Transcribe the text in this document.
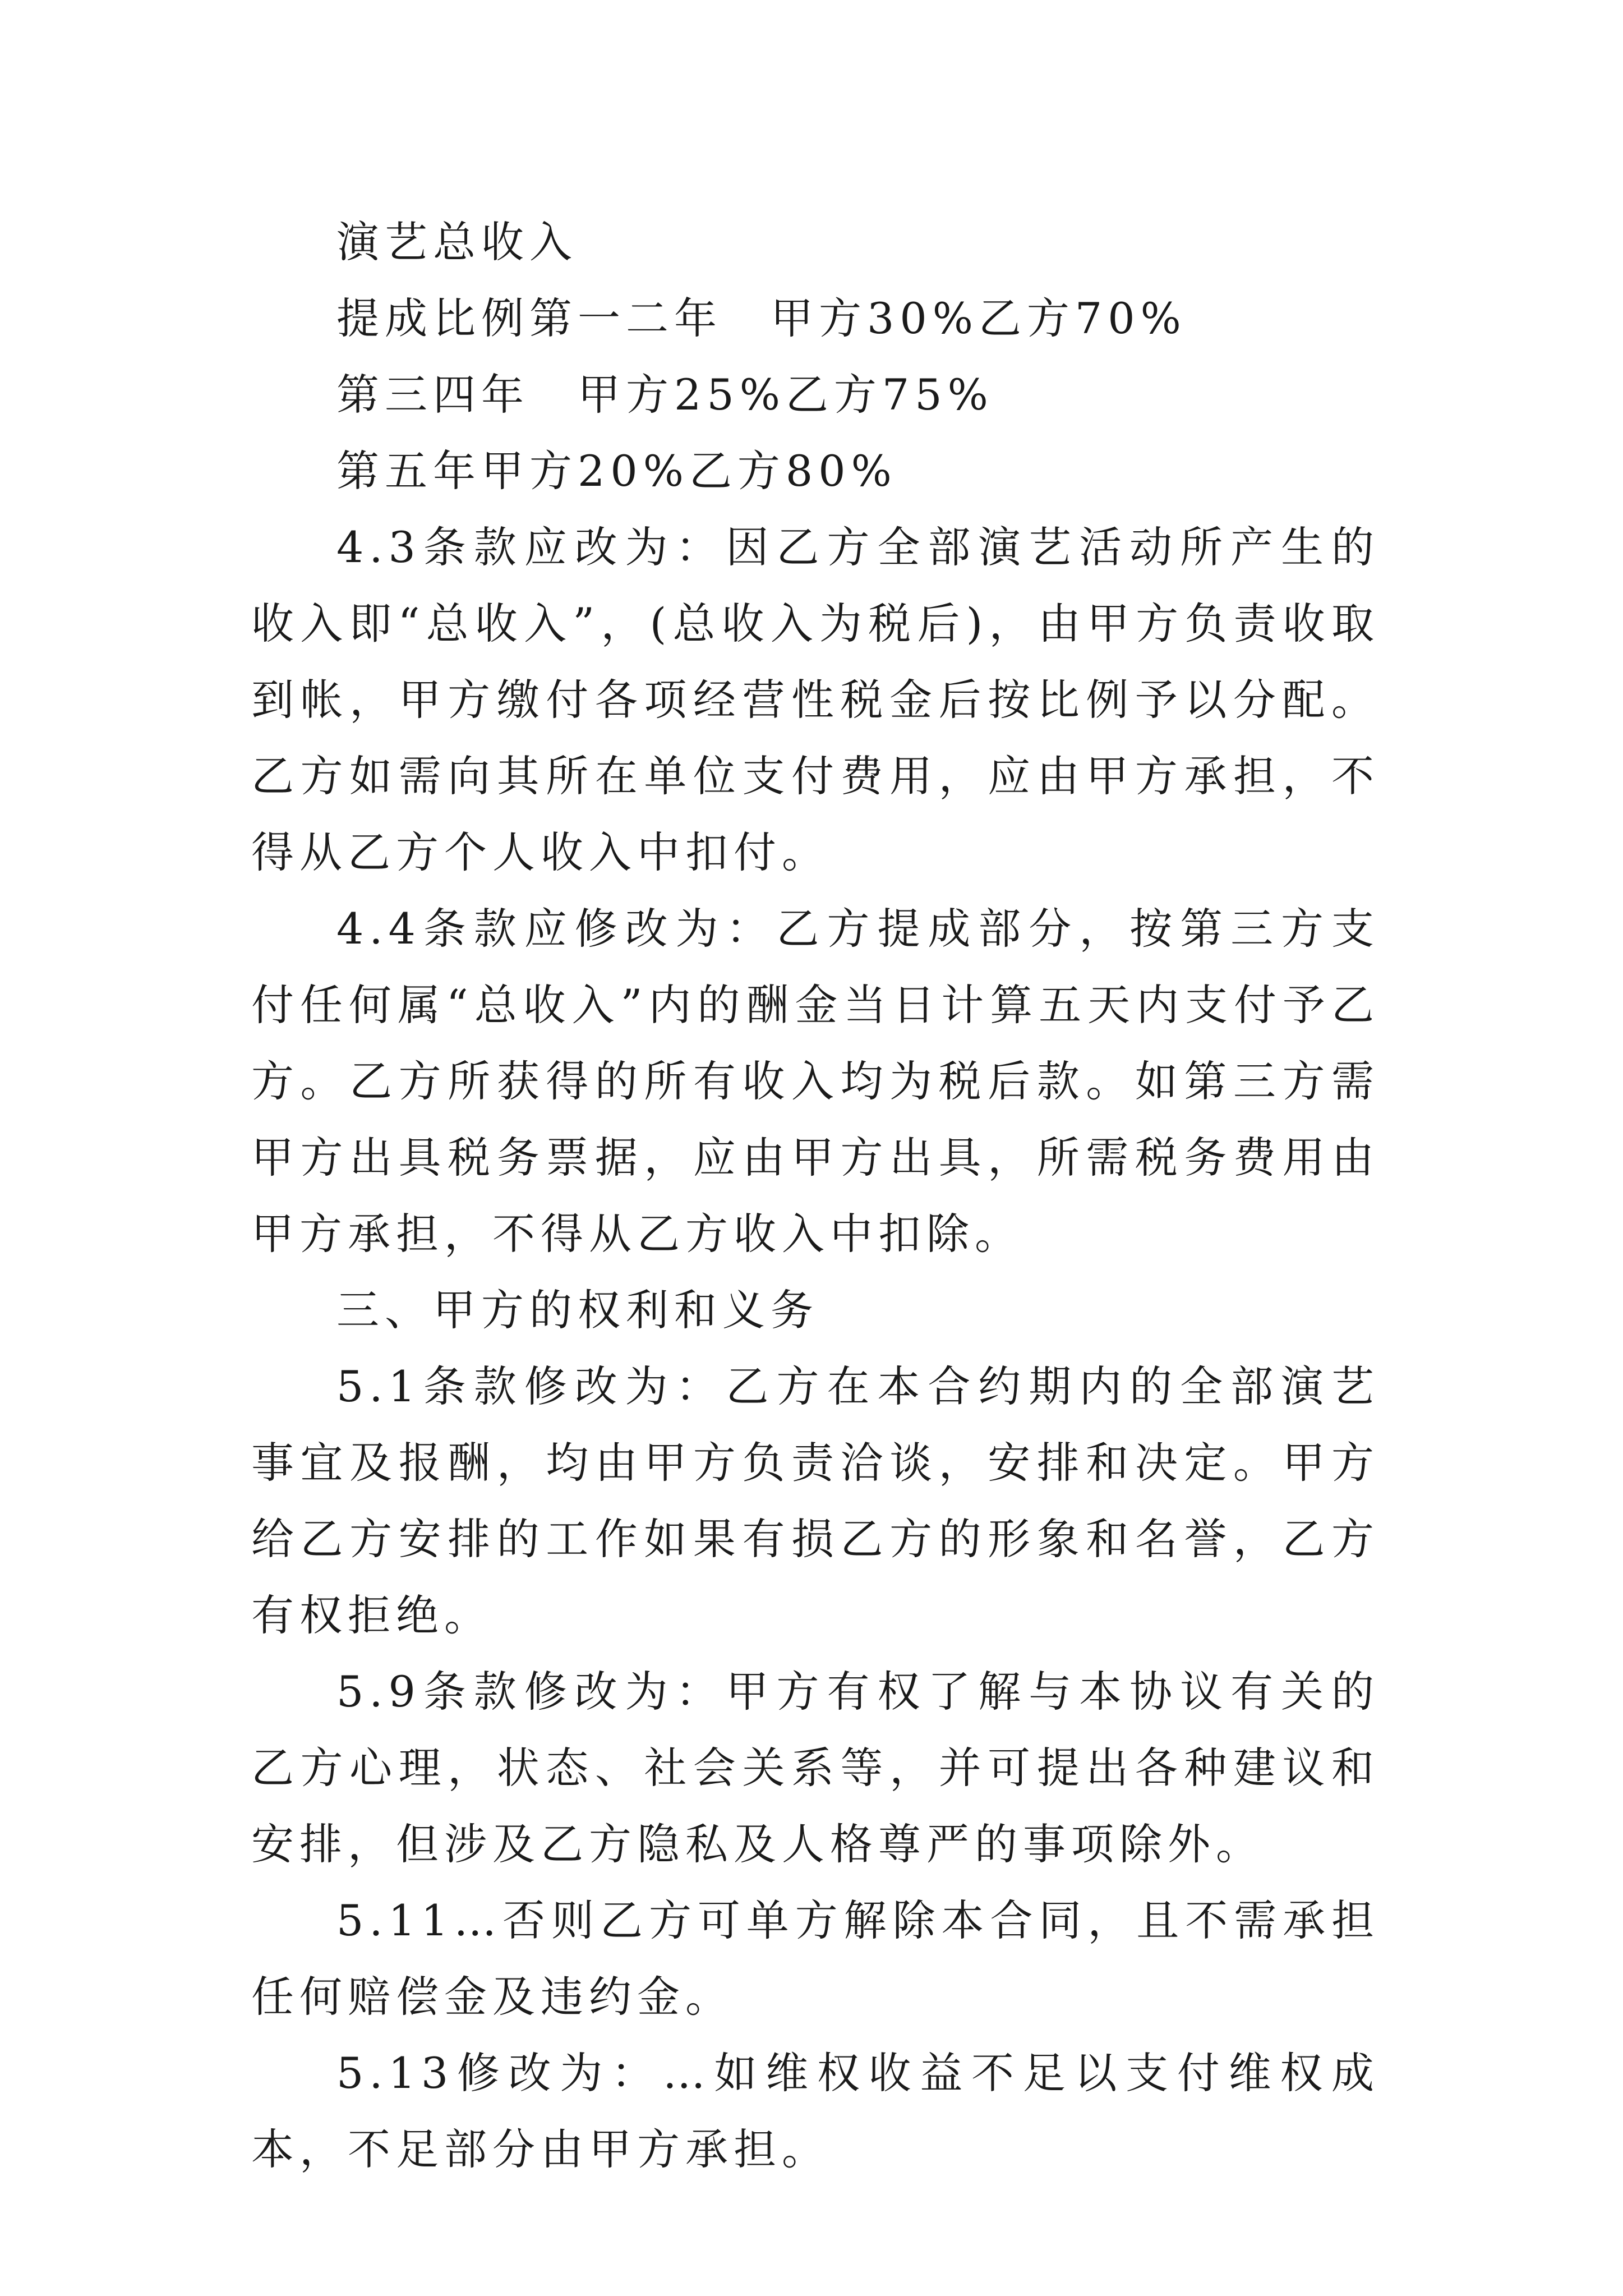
演艺总收入

提成比例第一二年　甲方30%乙方70%

第三四年　甲方25%乙方75%

第五年甲方20%乙方80%

4.3条款应改为：因乙方全部演艺活动所产生的收入即“总收入”，(总收入为税后)，由甲方负责收取到帐，甲方缴付各项经营性税金后按比例予以分配。乙方如需向其所在单位支付费用，应由甲方承担，不得从乙方个人收入中扣付。

4.4条款应修改为：乙方提成部分，按第三方支付任何属“总收入”内的酬金当日计算五天内支付予乙方。乙方所获得的所有收入均为税后款。如第三方需甲方出具税务票据，应由甲方出具，所需税务费用由甲方承担，不得从乙方收入中扣除。

三、甲方的权利和义务

5.1条款修改为：乙方在本合约期内的全部演艺事宜及报酬，均由甲方负责洽谈，安排和决定。甲方给乙方安排的工作如果有损乙方的形象和名誉，乙方有权拒绝。

5.9条款修改为：甲方有权了解与本协议有关的乙方心理，状态、社会关系等，并可提出各种建议和安排，但涉及乙方隐私及人格尊严的事项除外。

5.11…否则乙方可单方解除本合同，且不需承担任何赔偿金及违约金。

5.13修改为：…如维权收益不足以支付维权成本，不足部分由甲方承担。
